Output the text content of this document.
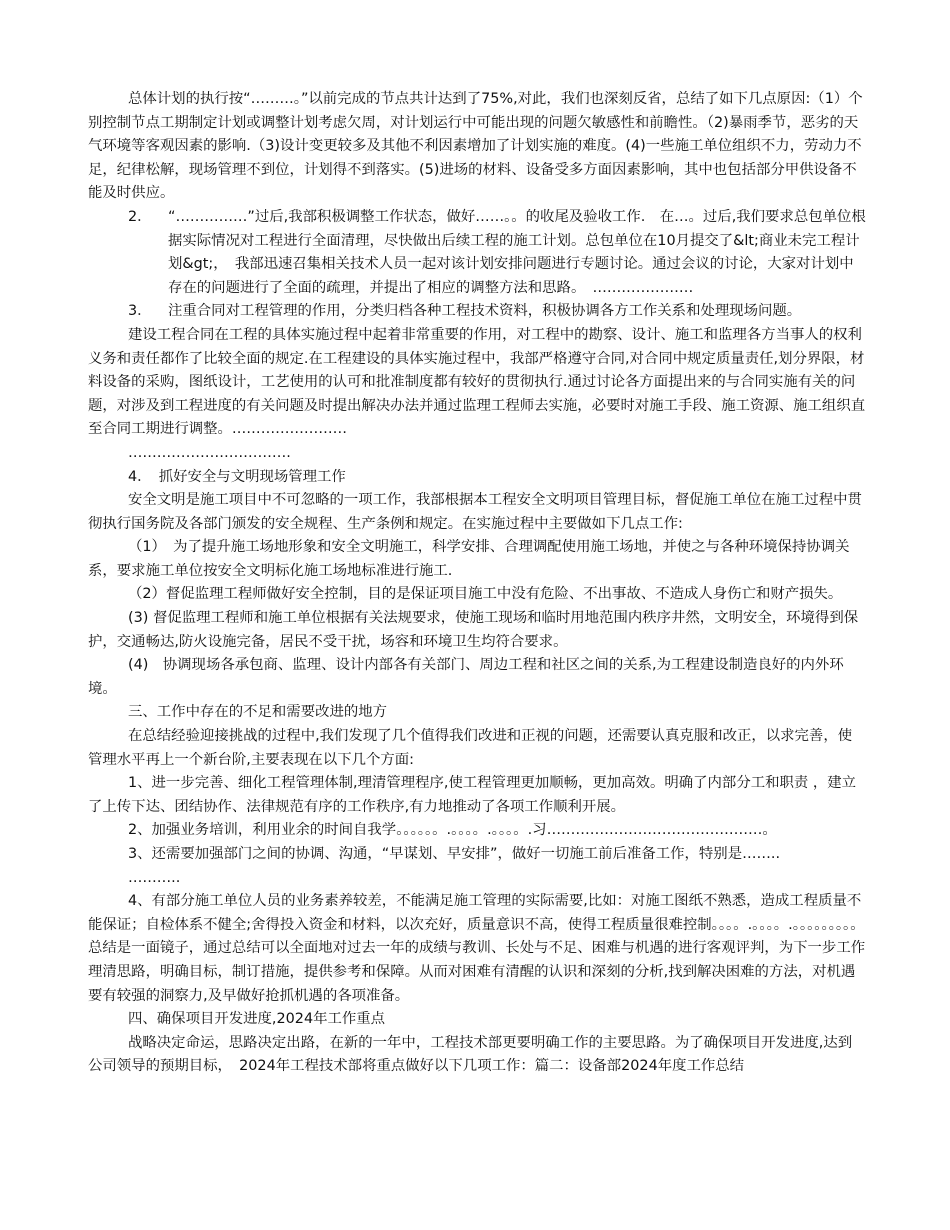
总体计划的执行按“………。”以前完成的节点共计达到了75%,对此，我们也深刻反省，总结了如下几点原因:（1）个别控制节点工期制定计划或调整计划考虑欠周，对计划运行中可能出现的问题欠敏感性和前瞻性。（2)暴雨季节，恶劣的天气环境等客观因素的影响.（3)设计变更较多及其他不利因素增加了计划实施的难度。(4)一些施工单位组织不力，劳动力不足，纪律松解，现场管理不到位，计划得不到落实。(5)进场的材料、设备受多方面因素影响，其中也包括部分甲供设备不能及时供应。

2．	“……………”过后,我部积极调整工作状态，做好……。。的收尾及验收工作.　在…。过后,我们要求总包单位根据实际情况对工程进行全面清理，尽快做出后续工程的施工计划。总包单位在10月提交了&lt;商业未完工程计划&gt;，　我部迅速召集相关技术人员一起对该计划安排问题进行专题讨论。通过会议的讨论，大家对计划中存在的问题进行了全面的疏理，并提出了相应的调整方法和思路。　…………………

3．	注重合同对工程管理的作用，分类归档各种工程技术资料，积极协调各方工作关系和处理现场问题。

建设工程合同在工程的具体实施过程中起着非常重要的作用，对工程中的勘察、设计、施工和监理各方当事人的权利义务和责任都作了比较全面的规定.在工程建设的具体实施过程中，我部严格遵守合同,对合同中规定质量责任,划分界限，材料设备的采购，图纸设计，工艺使用的认可和批准制度都有较好的贯彻执行.通过讨论各方面提出来的与合同实施有关的问题，对涉及到工程进度的有关问题及时提出解决办法并通过监理工程师去实施，必要时对施工手段、施工资源、施工组织直至合同工期进行调整。……………………

…………………………….

4．　抓好安全与文明现场管理工作

安全文明是施工项目中不可忽略的一项工作，我部根据本工程安全文明项目管理目标，督促施工单位在施工过程中贯彻执行国务院及各部门颁发的安全规程、生产条例和规定。在实施过程中主要做如下几点工作:

（1）　为了提升施工场地形象和安全文明施工，科学安排、合理调配使用施工场地，并使之与各种环境保持协调关系，要求施工单位按安全文明标化施工场地标准进行施工.

（2）督促监理工程师做好安全控制，目的是保证项目施工中没有危险、不出事故、不造成人身伤亡和财产损失。

(3) 督促监理工程师和施工单位根据有关法规要求，使施工现场和临时用地范围内秩序井然，文明安全，环境得到保护，交通畅达,防火设施完备，居民不受干扰，场容和环境卫生均符合要求。

(4)　协调现场各承包商、监理、设计内部各有关部门、周边工程和社区之间的关系,为工程建设制造良好的内外环境。

三、工作中存在的不足和需要改进的地方

在总结经验迎接挑战的过程中,我们发现了几个值得我们改进和正视的问题，还需要认真克服和改正，以求完善，使管理水平再上一个新台阶,主要表现在以下几个方面:

1、进一步完善、细化工程管理体制,理清管理程序,使工程管理更加顺畅，更加高效。明确了内部分工和职责 ，建立了上传下达、团结协作、法律规范有序的工作秩序,有力地推动了各项工作顺利开展。

2、加强业务培训，利用业余的时间自我学。。。。。。.。。。。.。。。。.习………………………………………。

3、还需要加强部门之间的协调、沟通，“早谋划、早安排”，做好一切施工前后准备工作，特别是……..

………..

4、有部分施工单位人员的业务素养较差，不能满足施工管理的实际需要,比如：对施工图纸不熟悉，造成工程质量不能保证；自检体系不健全;舍得投入资金和材料，以次充好，质量意识不高，使得工程质量很难控制。。。。.。。。。.。。。。。。。。。　总结是一面镜子，通过总结可以全面地对过去一年的成绩与教训、长处与不足、困难与机遇的进行客观评判，为下一步工作理清思路，明确目标，制订措施，提供参考和保障。从而对困难有清醒的认识和深刻的分析,找到解决困难的方法，对机遇要有较强的洞察力,及早做好抢抓机遇的各项准备。

四、确保项目开发进度,2024年工作重点

战略决定命运，思路决定出路，在新的一年中，工程技术部更要明确工作的主要思路。为了确保项目开发进度,达到公司领导的预期目标，　2024年工程技术部将重点做好以下几项工作：篇二：设备部2024年度工作总结
